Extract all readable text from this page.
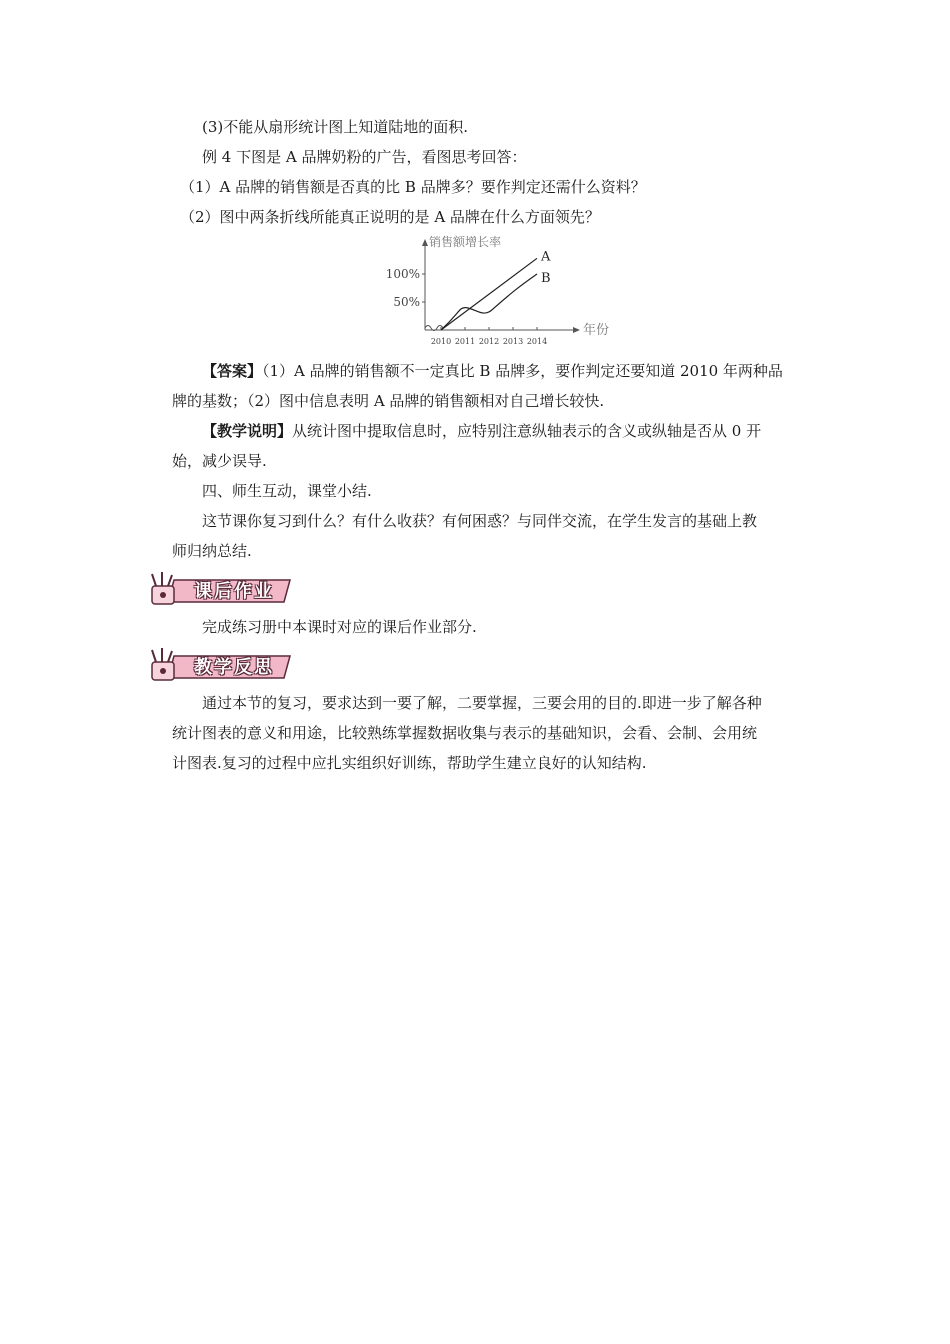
(3)不能从扇形统计图上知道陆地的面积.

例 4 下图是 A 品牌奶粉的广告，看图思考回答：

（1）A 品牌的销售额是否真的比 B 品牌多？要作判定还需什么资料？

（2）图中两条折线所能真正说明的是 A 品牌在什么方面领先？

销售额增长率
年份
100%
50%
2010 2011 2012 2013 2014
A
B

【答案】（1）A 品牌的销售额不一定真比 B 品牌多，要作判定还要知道 2010 年两种品

牌的基数；（2）图中信息表明 A 品牌的销售额相对自己增长较快.

【教学说明】从统计图中提取信息时，应特别注意纵轴表示的含义或纵轴是否从 0 开

始，减少误导.

四、师生互动，课堂小结.

这节课你复习到什么？有什么收获？有何困惑？与同伴交流，在学生发言的基础上教

师归纳总结.

课后作业

完成练习册中本课时对应的课后作业部分.

教学反思

通过本节的复习，要求达到一要了解，二要掌握，三要会用的目的.即进一步了解各种

统计图表的意义和用途，比较熟练掌握数据收集与表示的基础知识，会看、会制、会用统

计图表.复习的过程中应扎实组织好训练，帮助学生建立良好的认知结构.
